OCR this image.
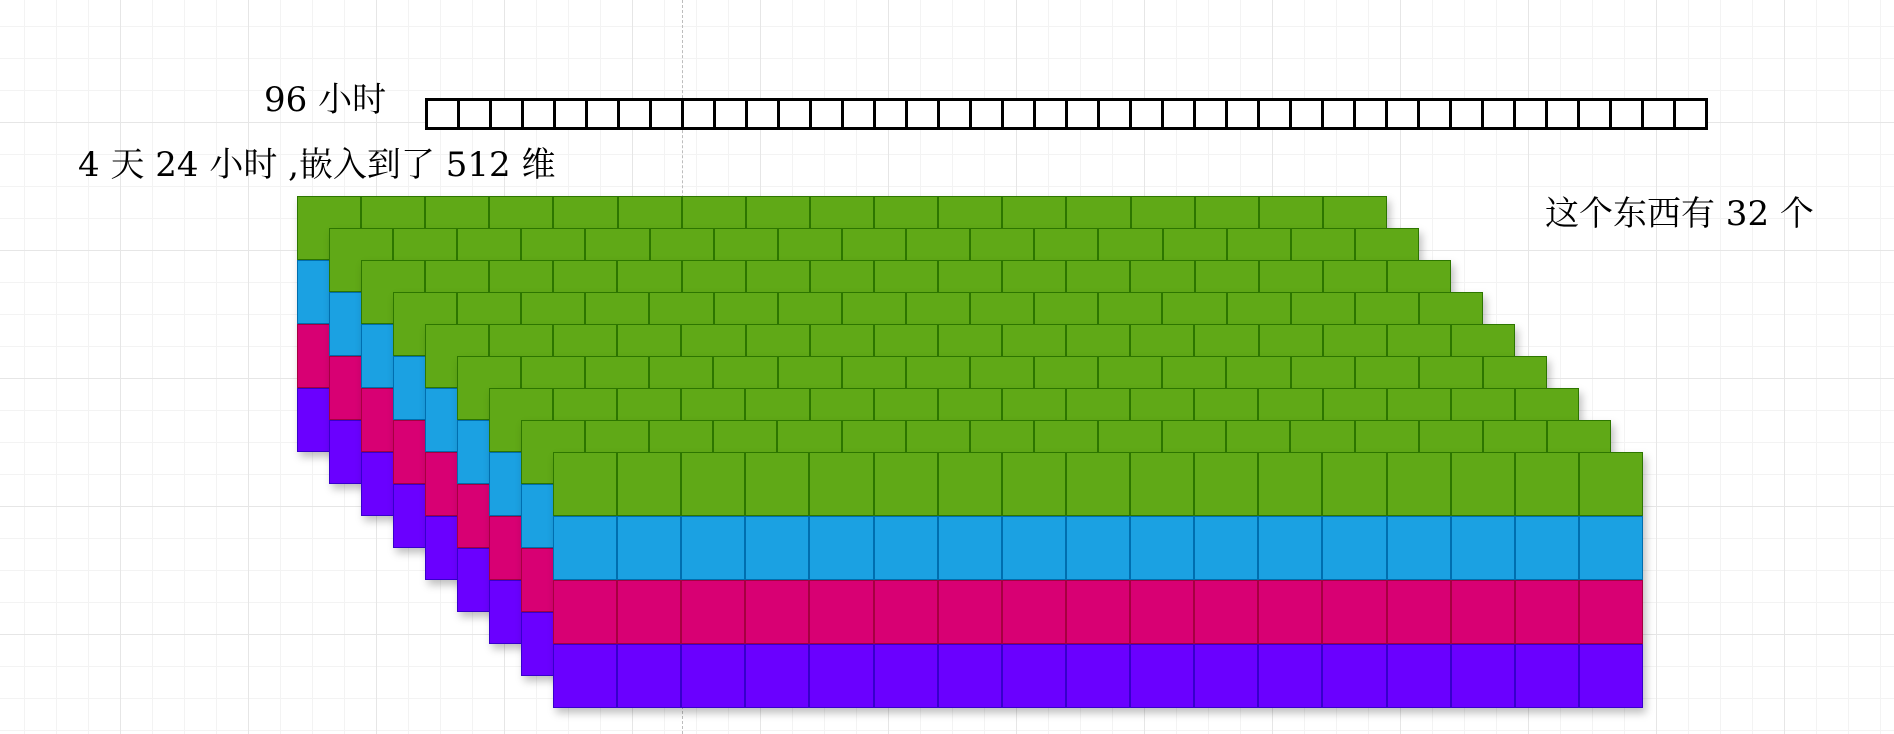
96 小时
4 天 24 小时 ,嵌入到了 512 维
这个东西有 32 个
